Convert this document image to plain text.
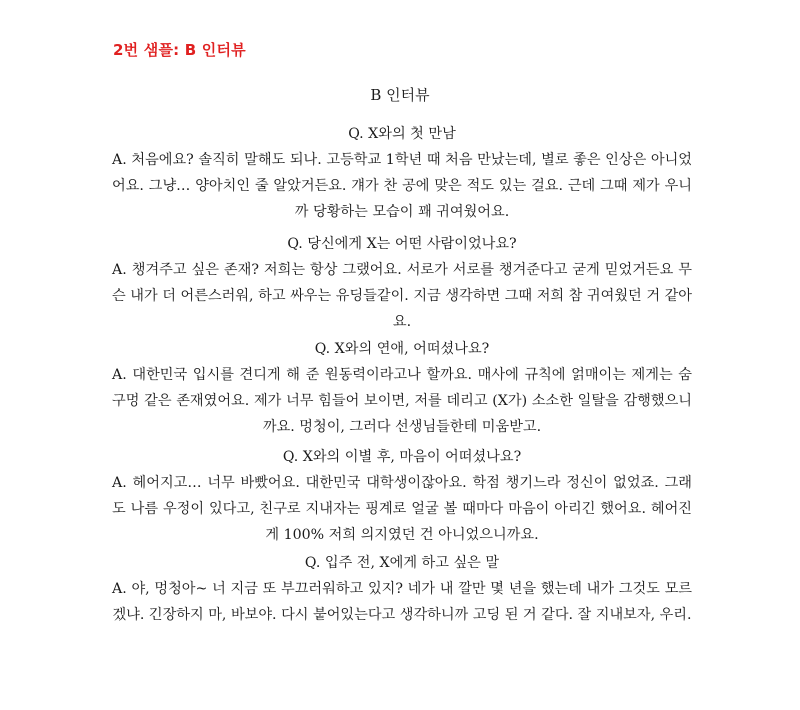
2번 샘플: B 인터뷰
B 인터뷰
Q. X와의 첫 만남
A. 처음에요? 솔직히 말해도 되나. 고등학교 1학년 때 처음 만났는데, 별로 좋은 인상은 아니었어요. 그냥… 양아치인 줄 알았거든요. 걔가 찬 공에 맞은 적도 있는 걸요. 근데 그때 제가 우니까 당황하는 모습이 꽤 귀여웠어요.
Q. 당신에게 X는 어떤 사람이었나요?
A. 챙겨주고 싶은 존재? 저희는 항상 그랬어요. 서로가 서로를 챙겨준다고 굳게 믿었거든요 무슨 내가 더 어른스러워, 하고 싸우는 유딩들같이. 지금 생각하면 그때 저희 참 귀여웠던 거 같아요.
Q. X와의 연애, 어떠셨나요?
A. 대한민국 입시를 견디게 해 준 원동력이라고나 할까요. 매사에 규칙에 얽매이는 제게는 숨구멍 같은 존재였어요. 제가 너무 힘들어 보이면, 저를 데리고 (X가) 소소한 일탈을 감행했으니까요. 멍청이, 그러다 선생님들한테 미움받고.
Q. X와의 이별 후, 마음이 어떠셨나요?
A. 헤어지고… 너무 바빴어요. 대한민국 대학생이잖아요. 학점 챙기느라 정신이 없었죠. 그래도 나름 우정이 있다고, 친구로 지내자는 핑계로 얼굴 볼 때마다 마음이 아리긴 했어요. 헤어진 게 100% 저희 의지였던 건 아니었으니까요.
Q. 입주 전, X에게 하고 싶은 말
A. 야, 멍청아~ 너 지금 또 부끄러워하고 있지? 네가 내 깔만 몇 년을 했는데 내가 그것도 모르겠냐. 긴장하지 마, 바보야. 다시 붙어있는다고 생각하니까 고딩 된 거 같다. 잘 지내보자, 우리.
